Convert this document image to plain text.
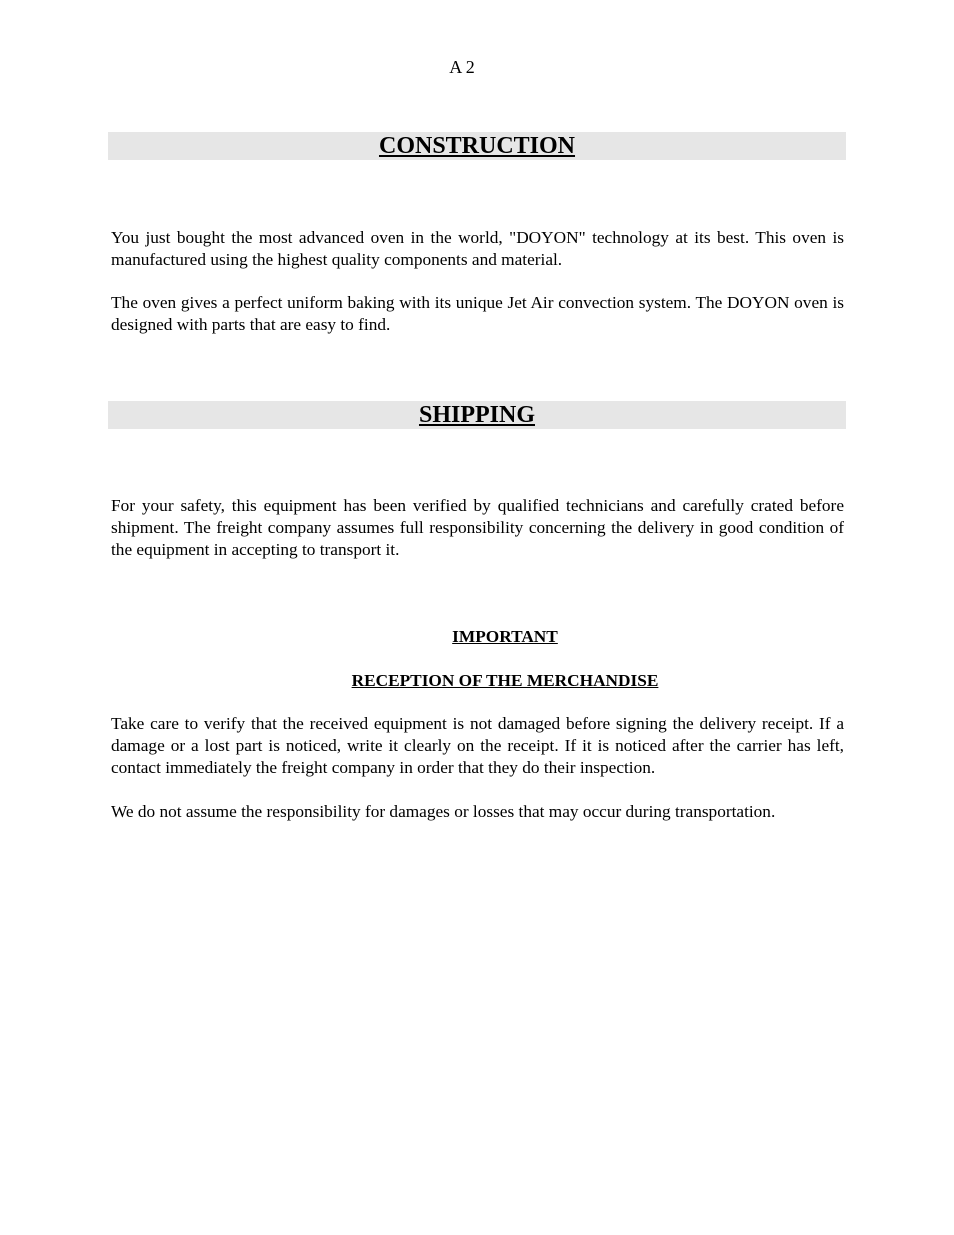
A 2
CONSTRUCTION

You just bought the most advanced oven in the world, "DOYON" technology at its best. This oven is manufactured using the highest quality components and material.

The oven gives a perfect uniform baking with its unique Jet Air convection system. The DOYON oven is designed with parts that are easy to find.

SHIPPING

For your safety, this equipment has been verified by qualified technicians and carefully crated before shipment. The freight company assumes full responsibility concerning the delivery in good condition of the equipment in accepting to transport it.

IMPORTANT
RECEPTION OF THE MERCHANDISE

Take care to verify that the received equipment is not damaged before signing the delivery receipt. If a damage or a lost part is noticed, write it clearly on the receipt. If it is noticed after the carrier has left, contact immediately the freight company in order that they do their inspection.

We do not assume the responsibility for damages or losses that may occur during transportation.
